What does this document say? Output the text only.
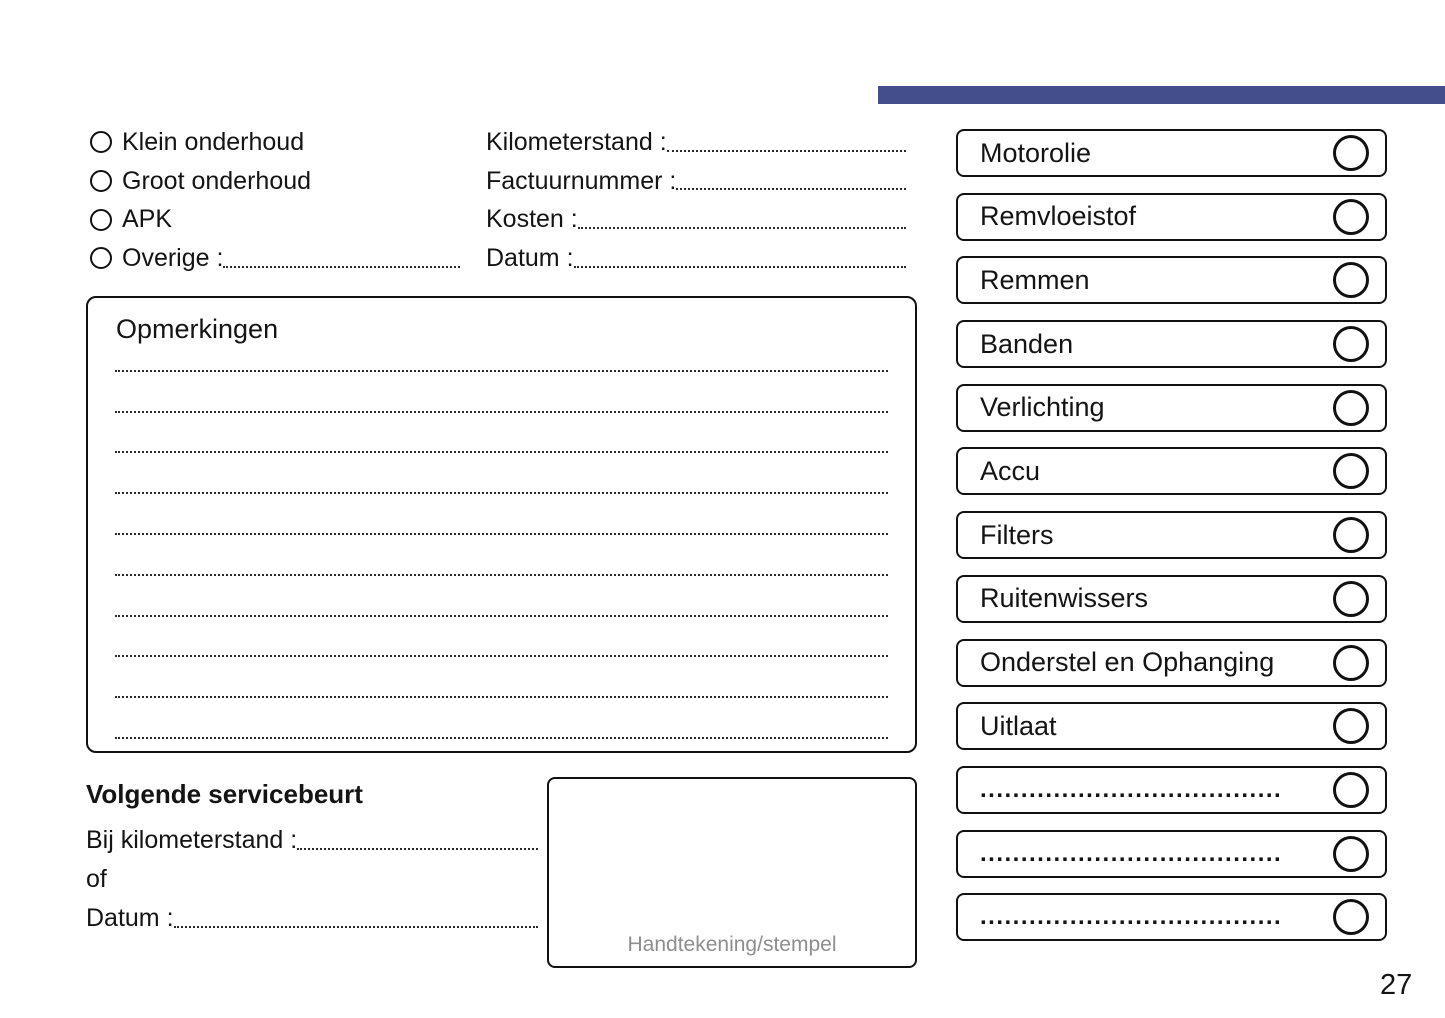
Klein onderhoud
Groot onderhoud
APK
Overige :
Kilometerstand :
Factuurnummer :
Kosten :
Datum :
Opmerkingen
Volgende servicebeurt
Bij kilometerstand :
of
Datum :
Handtekening/stempel
Motorolie
Remvloeistof
Remmen
Banden
Verlichting
Accu
Filters
Ruitenwissers
Onderstel en Ophanging
Uitlaat
.....................................
.....................................
.....................................
27
